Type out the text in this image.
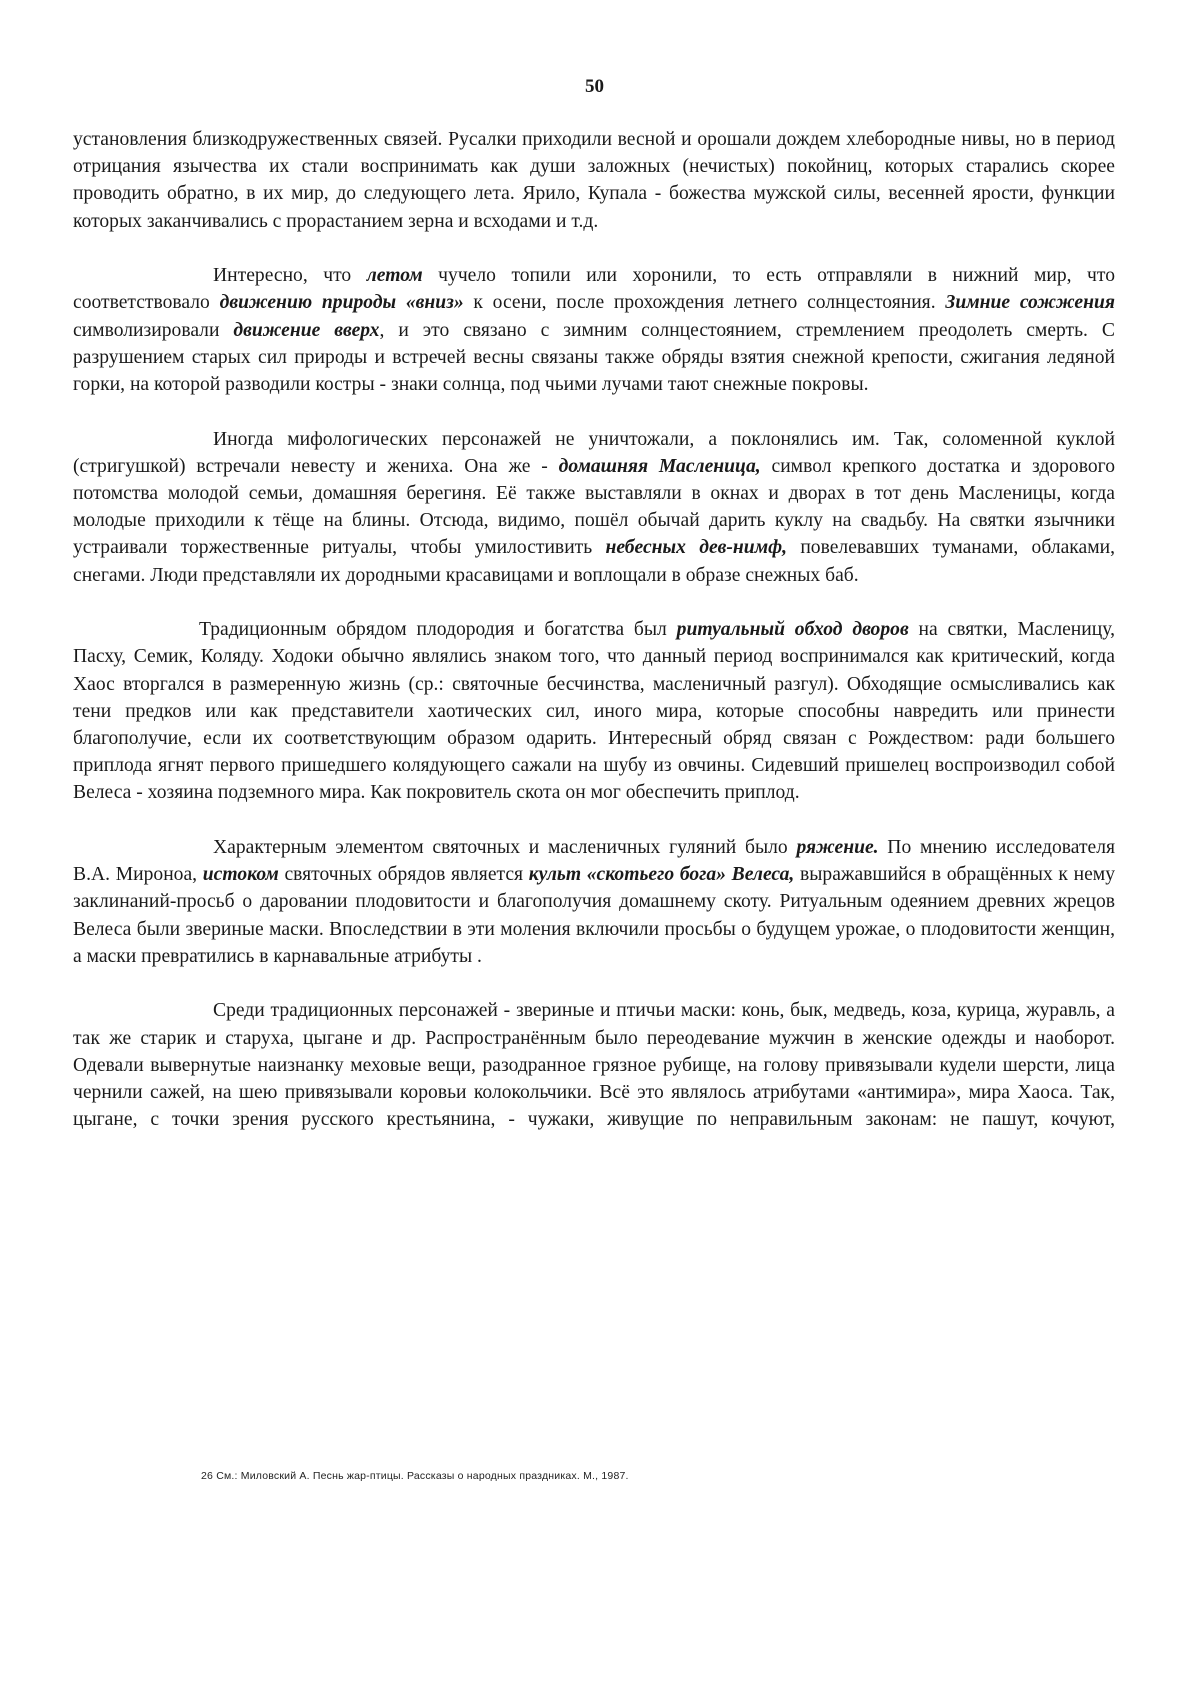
50

установления близкодружественных связей. Русалки приходили весной и орошали дождем хлебородные нивы, но в период отрицания язычества их стали воспринимать как души заложных (нечистых) покойниц, которых старались скорее проводить обратно, в их мир, до следующего лета. Ярило, Купала - божества мужской силы, весенней ярости, функции которых заканчивались с прорастанием зерна и всходами и т.д.

Интересно, что летом чучело топили или хоронили, то есть отправляли в нижний мир, что соответствовало движению природы «вниз» к осени, после прохождения летнего солнцестояния. Зимние сожжения символизировали движение вверх, и это связано с зимним солнцестоянием, стремлением преодолеть смерть. С разрушением старых сил природы и встречей весны связаны также обряды взятия снежной крепости, сжигания ледяной горки, на которой разводили костры - знаки солнца, под чьими лучами тают снежные покровы.

Иногда мифологических персонажей не уничтожали, а поклонялись им. Так, соломенной куклой (стригушкой) встречали невесту и жениха. Она же - домашняя Масленица, символ крепкого достатка и здорового потомства молодой семьи, домашняя берегиня. Её также выставляли в окнах и дворах в тот день Масленицы, когда молодые приходили к тёще на блины. Отсюда, видимо, пошёл обычай дарить куклу на свадьбу. На святки язычники устраивали торжественные ритуалы, чтобы умилостивить небесных дев-нимф, повелевавших туманами, облаками, снегами. Люди представляли их дородными красавицами и воплощали в образе снежных баб.

Традиционным обрядом плодородия и богатства был ритуальный обход дворов на святки, Масленицу, Пасху, Семик, Коляду. Ходоки обычно являлись знаком того, что данный период воспринимался как критический, когда Хаос вторгался в размеренную жизнь (ср.: святочные бесчинства, масленичный разгул). Обходящие осмысливались как тени предков или как представители хаотических сил, иного мира, которые способны навредить или принести благополучие, если их соответствующим образом одарить. Интересный обряд связан с Рождеством: ради большего приплода ягнят первого пришедшего колядующего сажали на шубу из овчины. Сидевший пришелец воспроизводил собой Велеса - хозяина подземного мира. Как покровитель скота он мог обеспечить приплод.

Характерным элементом святочных и масленичных гуляний было ряжение. По мнению исследователя В.А. Мироноа, истоком святочных обрядов является культ «скотьего бога» Велеса, выражавшийся в обращённых к нему заклинаний-просьб о даровании плодовитости и благополучия домашнему скоту. Ритуальным одеянием древних жрецов Велеса были звериные маски. Впоследствии в эти моления включили просьбы о будущем урожае, о плодовитости женщин, а маски превратились в карнавальные атрибуты .

Среди традиционных персонажей - звериные и птичьи маски: конь, бык, медведь, коза, курица, журавль, а так же старик и старуха, цыгане и др. Распространённым было переодевание мужчин в женские одежды и наоборот. Одевали вывернутые наизнанку меховые вещи, разодранное грязное рубище, на голову привязывали кудели шерсти, лица чернили сажей, на шею привязывали коровьи колокольчики. Всё это являлось атрибутами «антимира», мира Хаоса. Так, цыгане, с точки зрения русского крестьянина, - чужаки, живущие по неправильным законам: не пашут, кочуют,

26 См.: Миловский А. Песнь жар-птицы. Рассказы о народных праздниках. М., 1987.
